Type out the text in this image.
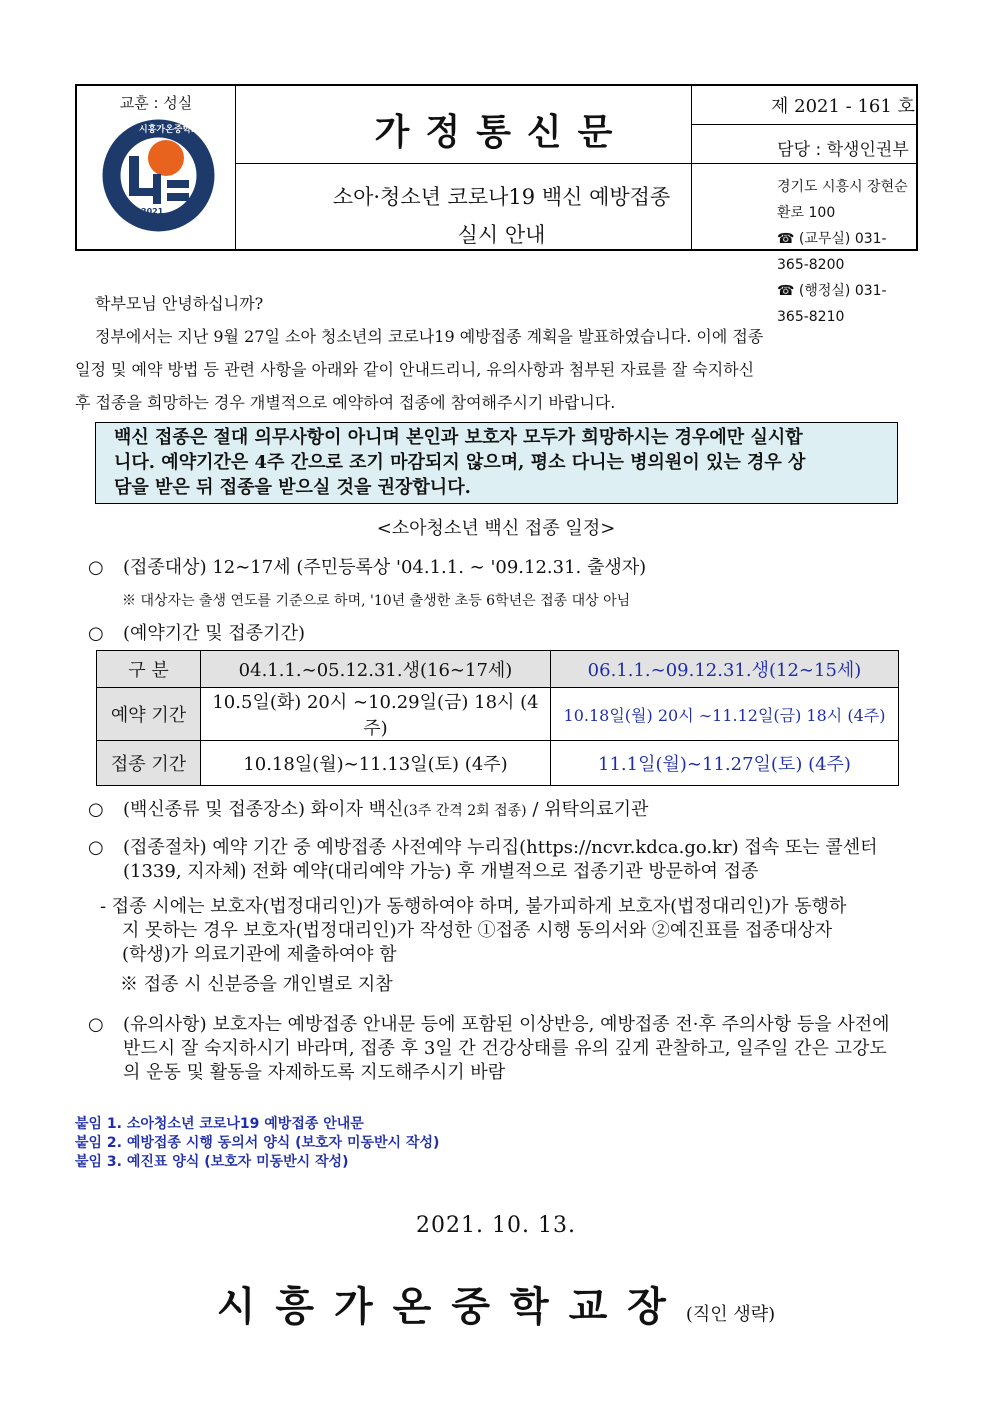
교훈 : 성실
2021
시흥가온중학교	가정통신문
소아·청소년 코로나19 백신 예방접종
실시 안내
제 2021 - 161 호
담당 : 학생인권부
경기도 시흥시 장현순환로 100
☎ (교무실) 031-365-8200
☎ (행정실) 031-365-8210
학부모님 안녕하십니까?
정부에서는 지난 9월 27일 소아 청소년의 코로나19 예방접종 계획을 발표하였습니다. 이에 접종
일정 및 예약 방법 등 관련 사항을 아래와 같이 안내드리니, 유의사항과 첨부된 자료를 잘 숙지하신
후 접종을 희망하는 경우 개별적으로 예약하여 접종에 참여해주시기 바랍니다.
백신 접종은 절대 의무사항이 아니며 본인과 보호자 모두가 희망하시는 경우에만 실시합
니다. 예약기간은 4주 간으로 조기 마감되지 않으며, 평소 다니는 병의원이 있는 경우 상
담을 받은 뒤 접종을 받으실 것을 권장합니다.
<소아청소년 백신 접종 일정>
○ (접종대상) 12∼17세 (주민등록상 '04.1.1. ∼ '09.12.31. 출생자)
※ 대상자는 출생 연도를 기준으로 하며, '10년 출생한 초등 6학년은 접종 대상 아님
○ (예약기간 및 접종기간)
구 분	04.1.1.∼05.12.31.생(16∼17세)	06.1.1.∼09.12.31.생(12∼15세)
예약 기간	10.5일(화) 20시 ∼10.29일(금) 18시 (4주)	10.18일(월) 20시 ∼11.12일(금) 18시 (4주)
접종 기간	10.18일(월)∼11.13일(토) (4주)	11.1일(월)∼11.27일(토) (4주)
○ (백신종류 및 접종장소) 화이자 백신(3주 간격 2회 접종) / 위탁의료기관
○ (접종절차) 예약 기간 중 예방접종 사전예약 누리집(https://ncvr.kdca.go.kr) 접속 또는 콜센터
(1339, 지자체) 전화 예약(대리예약 가능) 후 개별적으로 접종기관 방문하여 접종
- 접종 시에는 보호자(법정대리인)가 동행하여야 하며, 불가피하게 보호자(법정대리인)가 동행하
지 못하는 경우 보호자(법정대리인)가 작성한 ①접종 시행 동의서와 ②예진표를 접종대상자
(학생)가 의료기관에 제출하여야 함
※ 접종 시 신분증을 개인별로 지참
○ (유의사항) 보호자는 예방접종 안내문 등에 포함된 이상반응, 예방접종 전·후 주의사항 등을 사전에
반드시 잘 숙지하시기 바라며, 접종 후 3일 간 건강상태를 유의 깊게 관찰하고, 일주일 간은 고강도
의 운동 및 활동을 자제하도록 지도해주시기 바람
붙임 1. 소아청소년 코로나19 예방접종 안내문
붙임 2. 예방접종 시행 동의서 양식 (보호자 미동반시 작성)
붙임 3. 예진표 양식 (보호자 미동반시 작성)
2021. 10. 13.
시흥가온중학교장(직인 생략)
